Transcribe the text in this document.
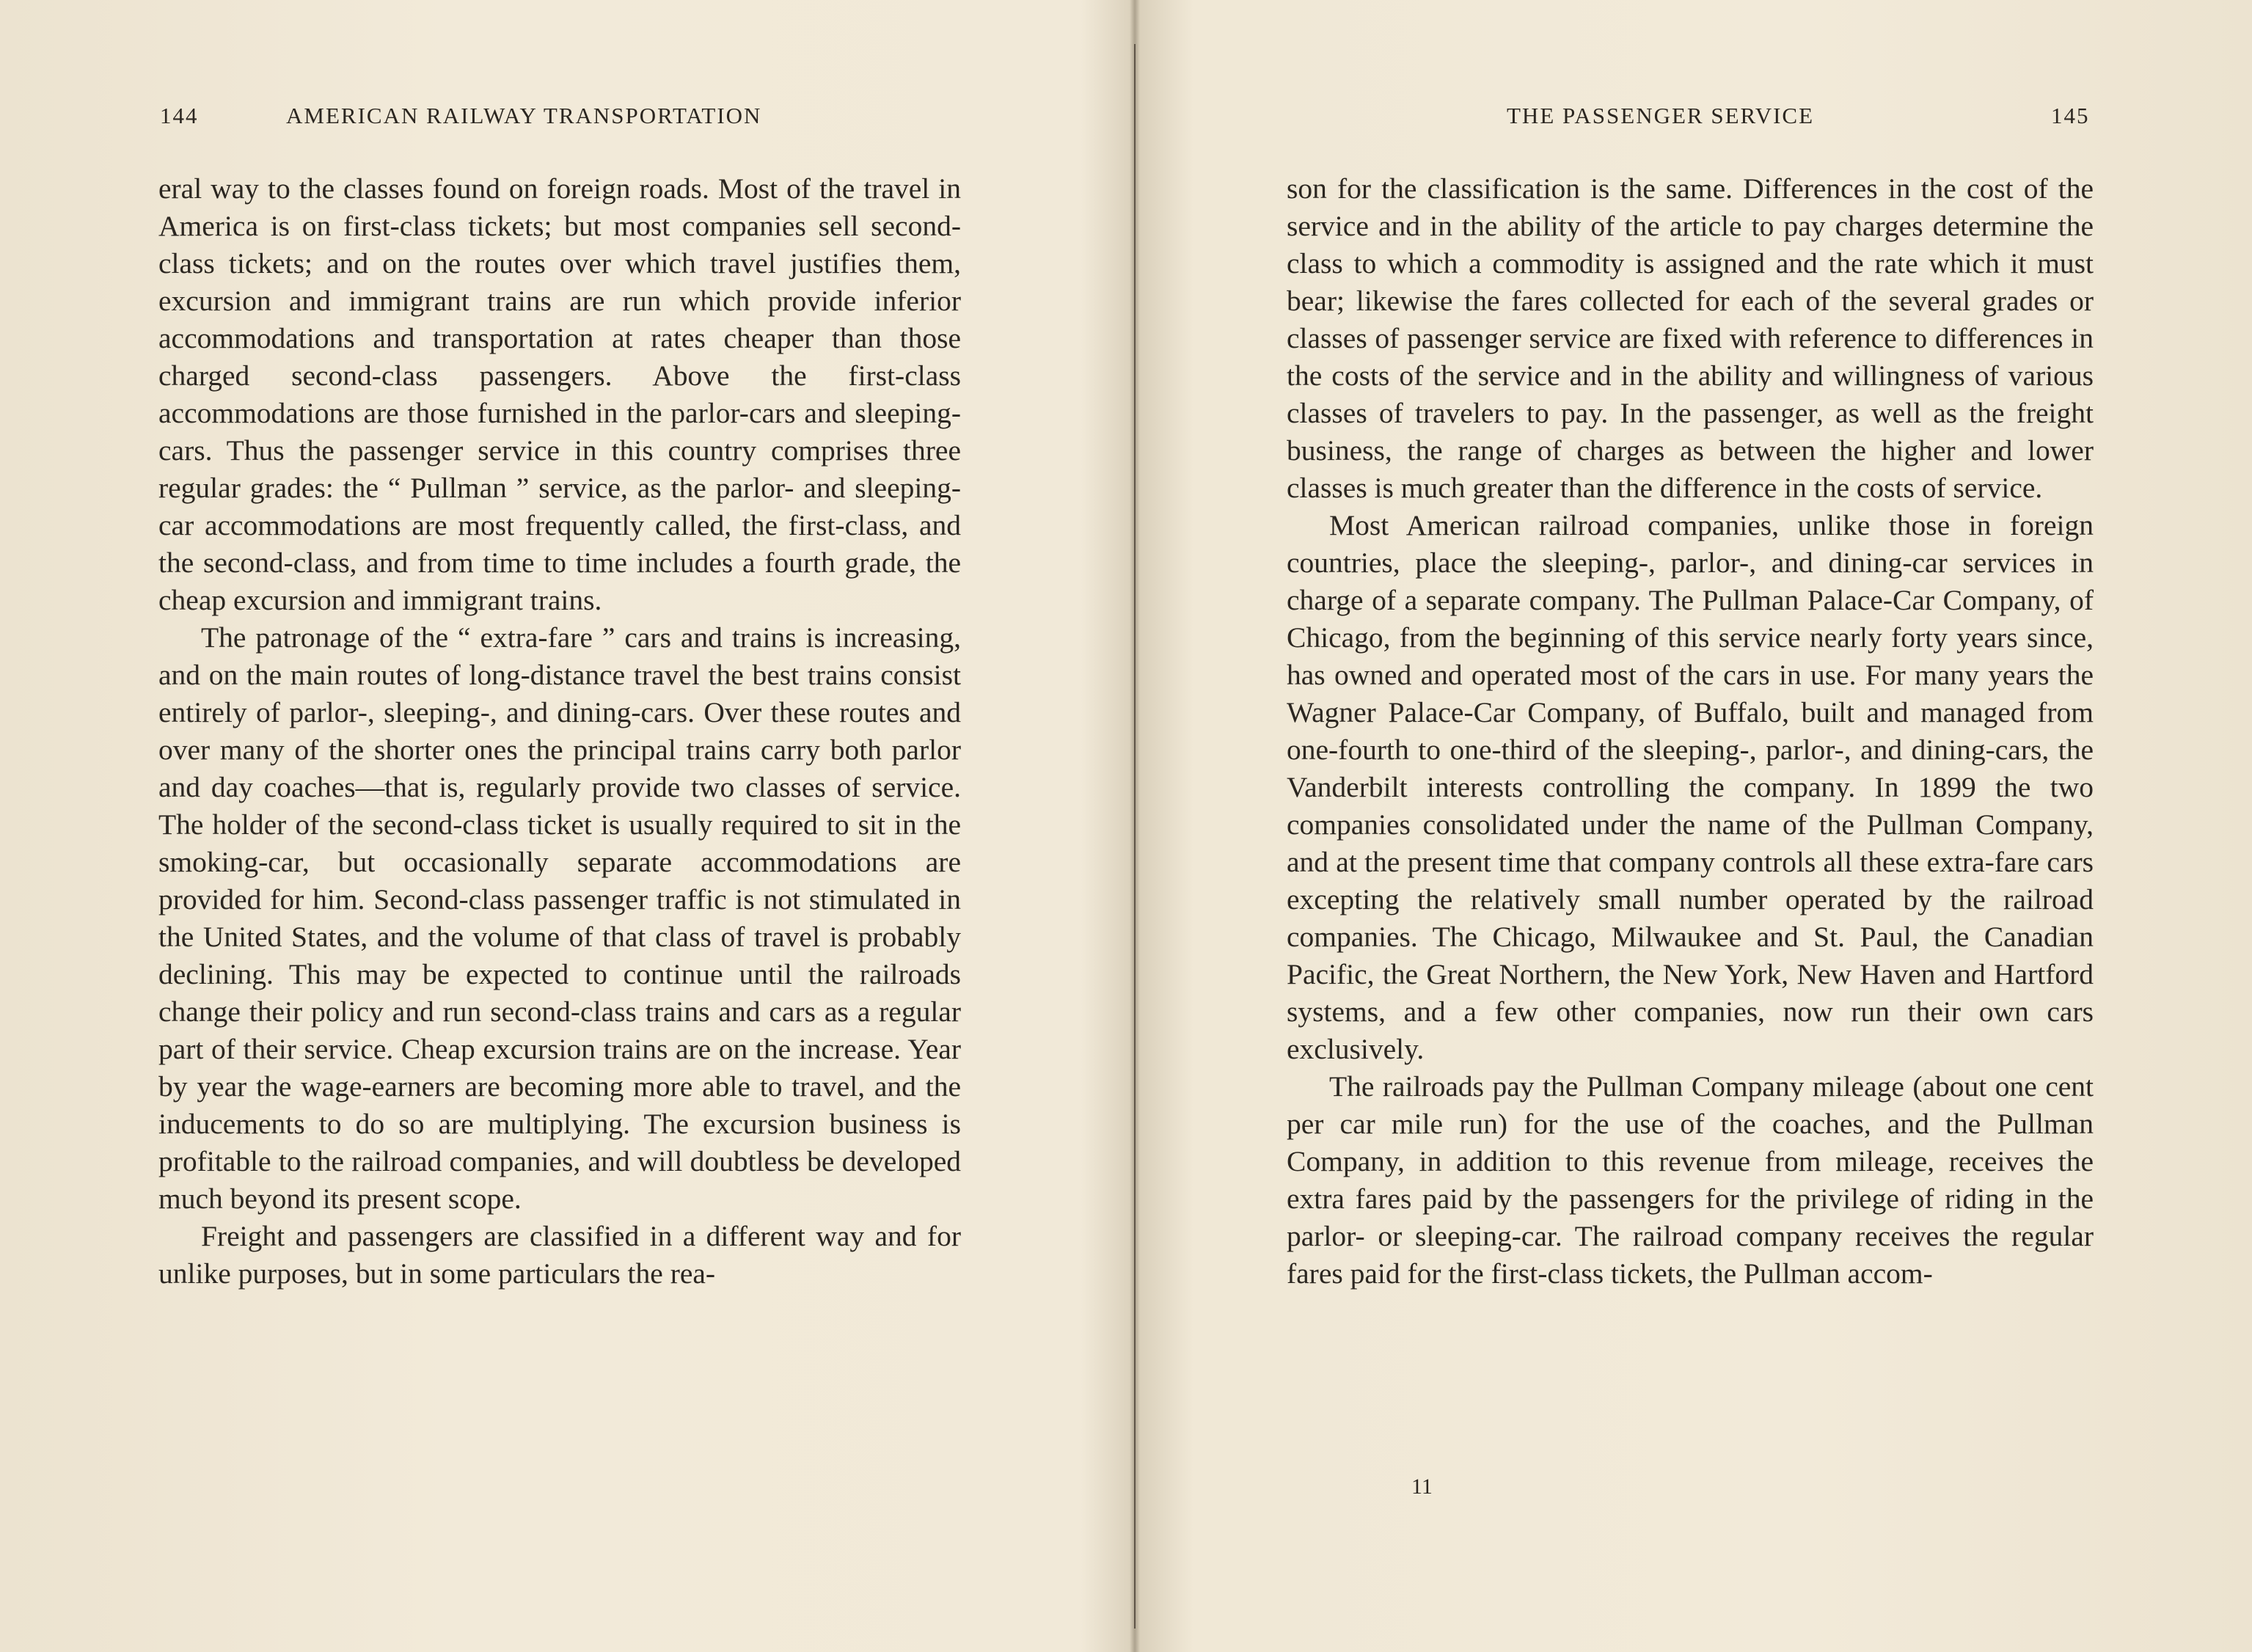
144	AMERICAN RAILWAY TRANSPORTATION

eral way to the classes found on foreign roads. Most of the travel in America is on first-class tickets; but most companies sell second-class tickets; and on the routes over which travel justifies them, excursion and immigrant trains are run which provide inferior accommodations and transportation at rates cheaper than those charged second-class passengers. Above the first-class accommodations are those furnished in the parlor-cars and sleeping-cars. Thus the passenger service in this country comprises three regular grades: the “ Pullman ” service, as the parlor- and sleeping-car accommodations are most frequently called, the first-class, and the second-class, and from time to time includes a fourth grade, the cheap excursion and immigrant trains.

The patronage of the “ extra-fare ” cars and trains is increasing, and on the main routes of long-distance travel the best trains consist entirely of parlor-, sleeping-, and dining-cars. Over these routes and over many of the shorter ones the principal trains carry both parlor and day coaches—that is, regularly provide two classes of service. The holder of the second-class ticket is usually required to sit in the smoking-car, but occasionally separate accommodations are provided for him. Second-class passenger traffic is not stimulated in the United States, and the volume of that class of travel is probably declining. This may be expected to continue until the railroads change their policy and run second-class trains and cars as a regular part of their service. Cheap excursion trains are on the increase. Year by year the wage-earners are becoming more able to travel, and the inducements to do so are multiplying. The excursion business is profitable to the railroad companies, and will doubtless be developed much beyond its present scope.

Freight and passengers are classified in a different way and for unlike purposes, but in some particulars the rea-

THE PASSENGER SERVICE	145

son for the classification is the same. Differences in the cost of the service and in the ability of the article to pay charges determine the class to which a commodity is assigned and the rate which it must bear; likewise the fares collected for each of the several grades or classes of passenger service are fixed with reference to differences in the costs of the service and in the ability and willingness of various classes of travelers to pay. In the passenger, as well as the freight business, the range of charges as between the higher and lower classes is much greater than the difference in the costs of service.

Most American railroad companies, unlike those in foreign countries, place the sleeping-, parlor-, and dining-car services in charge of a separate company. The Pullman Palace-Car Company, of Chicago, from the beginning of this service nearly forty years since, has owned and operated most of the cars in use. For many years the Wagner Palace-Car Company, of Buffalo, built and managed from one-fourth to one-third of the sleeping-, parlor-, and dining-cars, the Vanderbilt interests controlling the company. In 1899 the two companies consolidated under the name of the Pullman Company, and at the present time that company controls all these extra-fare cars excepting the relatively small number operated by the railroad companies. The Chicago, Milwaukee and St. Paul, the Canadian Pacific, the Great Northern, the New York, New Haven and Hartford systems, and a few other companies, now run their own cars exclusively.

The railroads pay the Pullman Company mileage (about one cent per car mile run) for the use of the coaches, and the Pullman Company, in addition to this revenue from mileage, receives the extra fares paid by the passengers for the privilege of riding in the parlor- or sleeping-car. The railroad company receives the regular fares paid for the first-class tickets, the Pullman accom-

11
